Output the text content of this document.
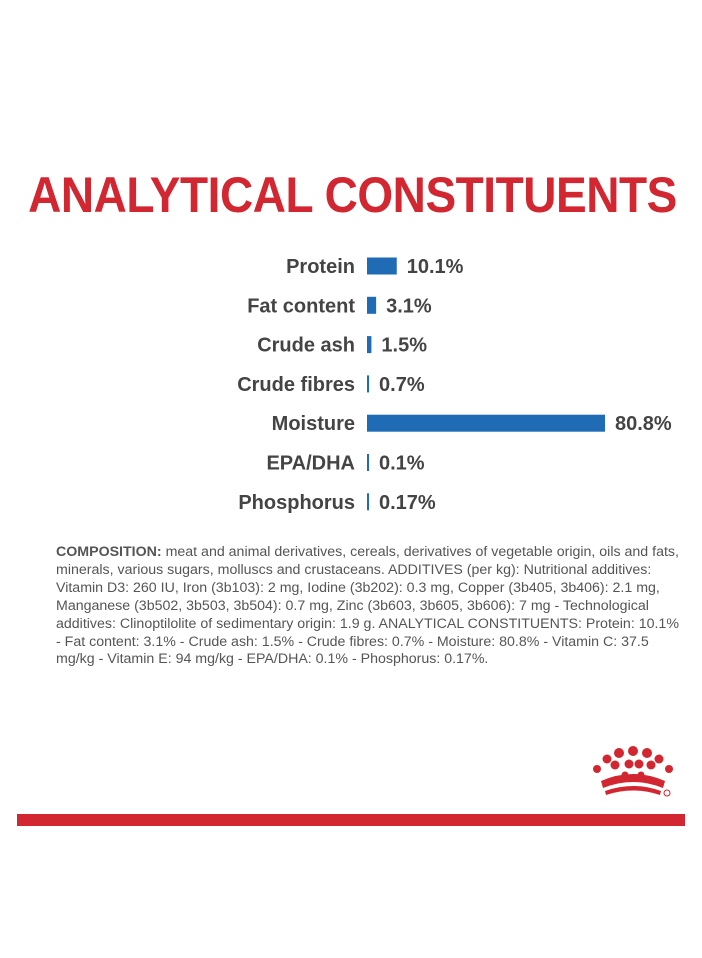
ANALYTICAL CONSTITUENTS
Protein	10.1%
Fat content 3.1%
Crude ash 1.5%
Crude fibres 0.7%
Moisture	80.8%
EPA/DHA 0.1%
Phosphorus 0.17%
COMPOSITION: meat and animal derivatives, cereals, derivatives of vegetable origin, oils and fats, minerals, various sugars, molluscs and crustaceans. ADDITIVES (per kg): Nutritional additives: Vitamin D3: 260 IU, Iron (3b103): 2 mg, Iodine (3b202): 0.3 mg, Copper (3b405, 3b406): 2.1 mg, Manganese (3b502, 3b503, 3b504): 0.7 mg, Zinc (3b603, 3b605, 3b606): 7 mg - Technological additives: Clinoptilolite of sedimentary origin: 1.9 g. ANALYTICAL CONSTITUENTS: Protein: 10.1% - Fat content: 3.1% - Crude ash: 1.5% - Crude fibres: 0.7% - Moisture: 80.8% - Vitamin C: 37.5 mg/kg - Vitamin E: 94 mg/kg - EPA/DHA: 0.1% - Phosphorus: 0.17%.
